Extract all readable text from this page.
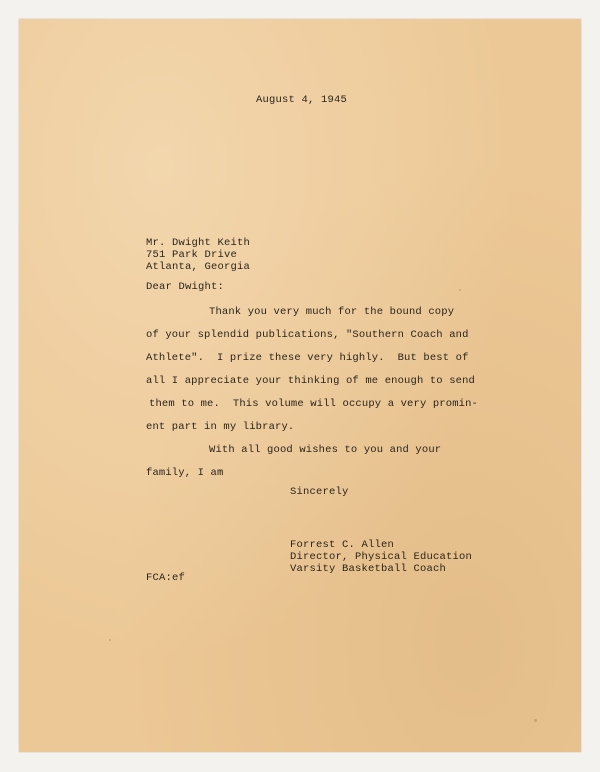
August 4, 1945
Mr. Dwight Keith
751 Park Drive
Atlanta, Georgia
Dear Dwight:
Thank you very much for the bound copy
of your splendid publications, "Southern Coach and
Athlete".  I prize these very highly.  But best of
all I appreciate your thinking of me enough to send
them to me.  This volume will occupy a very promin-
ent part in my library.
With all good wishes to you and your
family, I am
Sincerely
Forrest C. Allen
Director, Physical Education
Varsity Basketball Coach
FCA:ef
